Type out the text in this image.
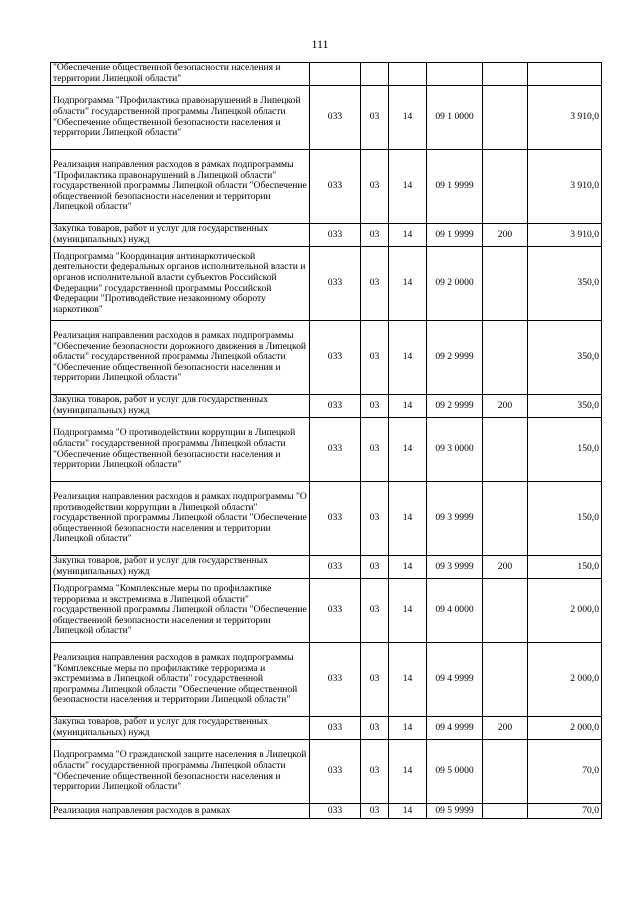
111
"Обеспечение общественной безопасности населения и территории Липецкой области"						
Подпрограмма "Профилактика правонарушений в Липецкой области" государственной программы Липецкой области "Обеспечение общественной безопасности населения и территории Липецкой области"	033	03	14	09 1 0000		3 910,0
Реализация направления расходов в рамках подпрограммы "Профилактика правонарушений в Липецкой области" государственной программы Липецкой области "Обеспечение общественной безопасности населения и территории Липецкой области"	033	03	14	09 1 9999		3 910,0
Закупка товаров, работ и услуг для государственных (муниципальных) нужд	033	03	14	09 1 9999	200	3 910,0
Подпрограмма "Координация антинаркотической деятельности федеральных органов исполнительной власти и органов исполнительной власти субъектов Российской Федерации" государственной программы Российской Федерации "Противодействие незаконному обороту наркотиков"	033	03	14	09 2 0000		350,0
Реализация направления расходов в рамках подпрограммы "Обеспечение безопасности дорожного движения в Липецкой области" государственной программы Липецкой области "Обеспечение общественной безопасности населения и территории Липецкой области"	033	03	14	09 2 9999		350,0
Закупка товаров, работ и услуг для государственных (муниципальных) нужд	033	03	14	09 2 9999	200	350,0
Подпрограмма "О противодействии коррупции в Липецкой области" государственной программы Липецкой области "Обеспечение общественной безопасности населения и территории Липецкой области"	033	03	14	09 3 0000		150,0
Реализация направления расходов в рамках подпрограммы "О противодействии коррупции в Липецкой области" государственной программы Липецкой области "Обеспечение общественной безопасности населения и территории Липецкой области"	033	03	14	09 3 9999		150,0
Закупка товаров, работ и услуг для государственных (муниципальных) нужд	033	03	14	09 3 9999	200	150,0
Подпрограмма "Комплексные меры по профилактике терроризма и экстремизма в Липецкой области" государственной программы Липецкой области "Обеспечение общественной безопасности населения и территории Липецкой области"	033	03	14	09 4 0000		2 000,0
Реализация направления расходов в рамках подпрограммы "Комплексные меры по профилактике терроризма и экстремизма в Липецкой области" государственной программы Липецкой области "Обеспечение общественной безопасности населения и территории Липецкой области"	033	03	14	09 4 9999		2 000,0
Закупка товаров, работ и услуг для государственных (муниципальных) нужд	033	03	14	09 4 9999	200	2 000,0
Подпрограмма "О гражданской защите населения в Липецкой области" государственной программы Липецкой области "Обеспечение общественной безопасности населения и территории Липецкой области"	033	03	14	09 5 0000		70,0
Реализация направления расходов в рамках	033	03	14	09 5 9999		70,0
